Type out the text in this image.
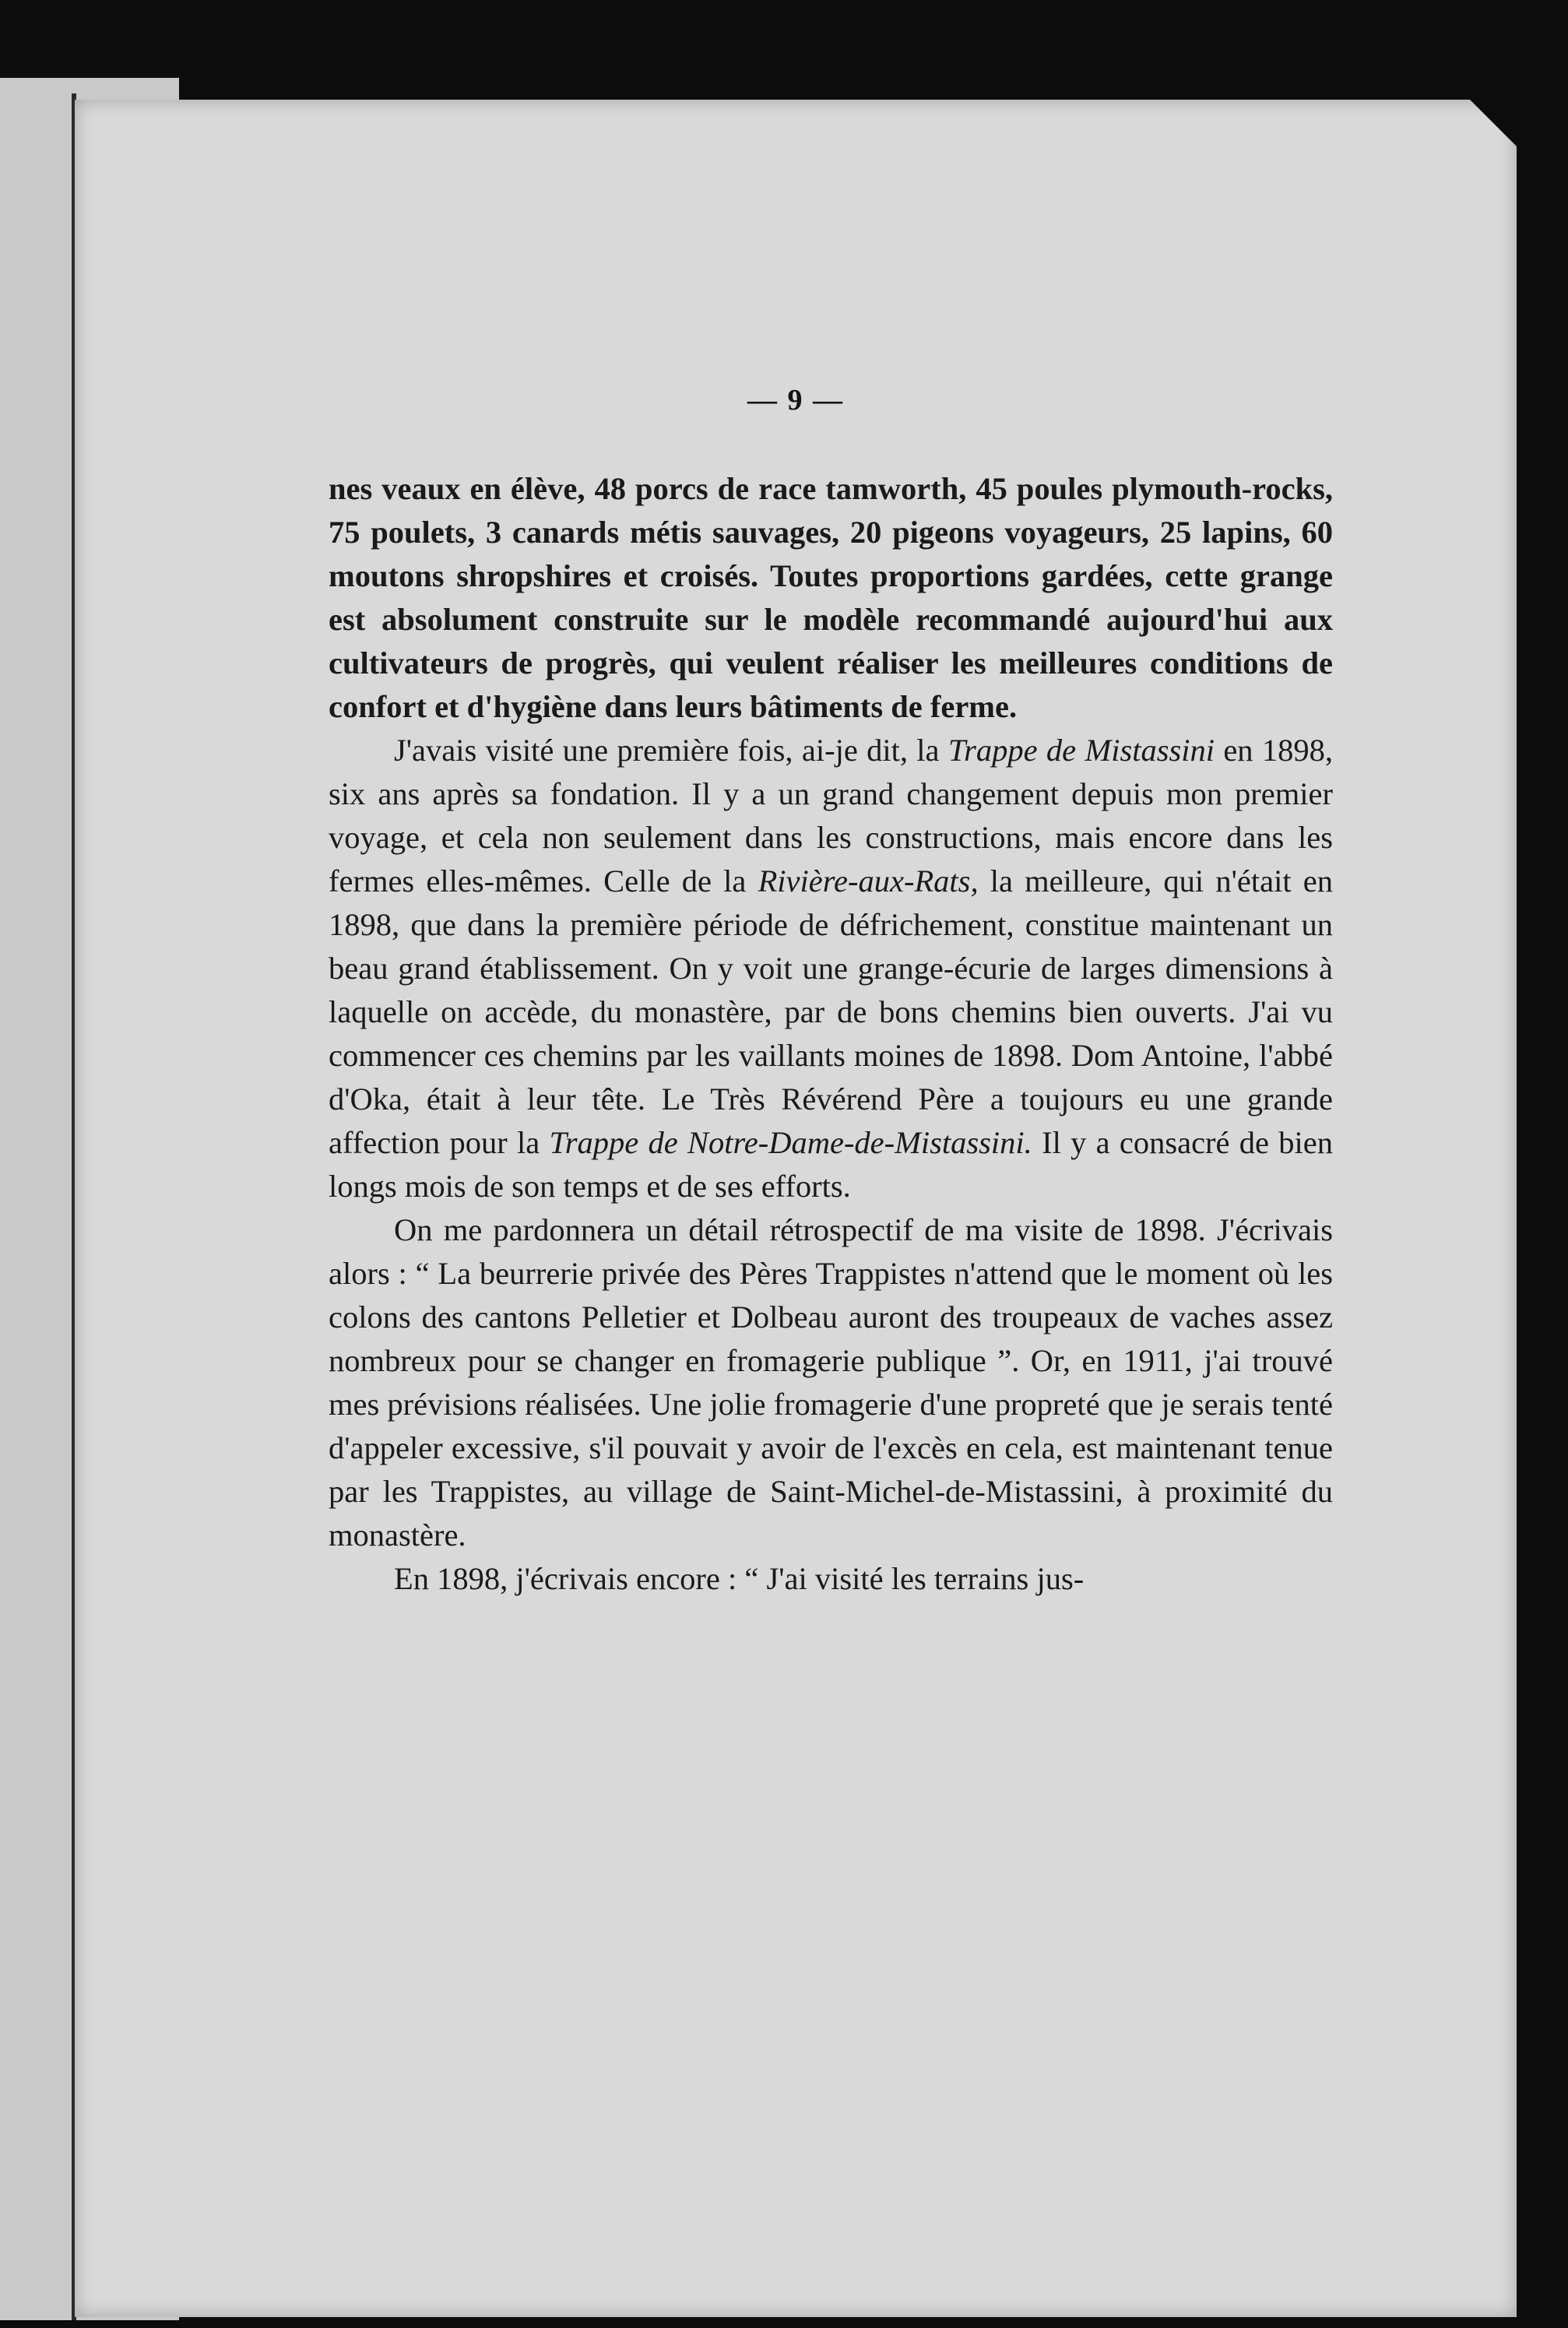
— 9 —

nes veaux en élève, 48 porcs de race tamworth, 45 poules plymouth-rocks, 75 poulets, 3 canards métis sauvages, 20 pigeons voyageurs, 25 lapins, 60 moutons shropshires et croisés. Toutes proportions gardées, cette grange est absolument construite sur le modèle recommandé aujourd'hui aux cultivateurs de progrès, qui veulent réaliser les meilleures conditions de confort et d'hygiène dans leurs bâtiments de ferme.

J'avais visité une première fois, ai-je dit, la Trappe de Mistassini en 1898, six ans après sa fondation. Il y a un grand changement depuis mon premier voyage, et cela non seulement dans les constructions, mais encore dans les fermes elles-mêmes. Celle de la Rivière-aux-Rats, la meilleure, qui n'était en 1898, que dans la première période de défrichement, constitue maintenant un beau grand établissement. On y voit une grange-écurie de larges dimensions à laquelle on accède, du monastère, par de bons chemins bien ouverts. J'ai vu commencer ces chemins par les vaillants moines de 1898. Dom Antoine, l'abbé d'Oka, était à leur tête. Le Très Révérend Père a toujours eu une grande affection pour la Trappe de Notre-Dame-de-Mistassini. Il y a consacré de bien longs mois de son temps et de ses efforts.

On me pardonnera un détail rétrospectif de ma visite de 1898. J'écrivais alors : “ La beurrerie privée des Pères Trappistes n'attend que le moment où les colons des cantons Pelletier et Dolbeau auront des troupeaux de vaches assez nombreux pour se changer en fromagerie publique ”. Or, en 1911, j'ai trouvé mes prévisions réalisées. Une jolie fromagerie d'une propreté que je serais tenté d'appeler excessive, s'il pouvait y avoir de l'excès en cela, est maintenant tenue par les Trappistes, au village de Saint-Michel-de-Mistassini, à proximité du monastère.

En 1898, j'écrivais encore : “ J'ai visité les terrains jus-
